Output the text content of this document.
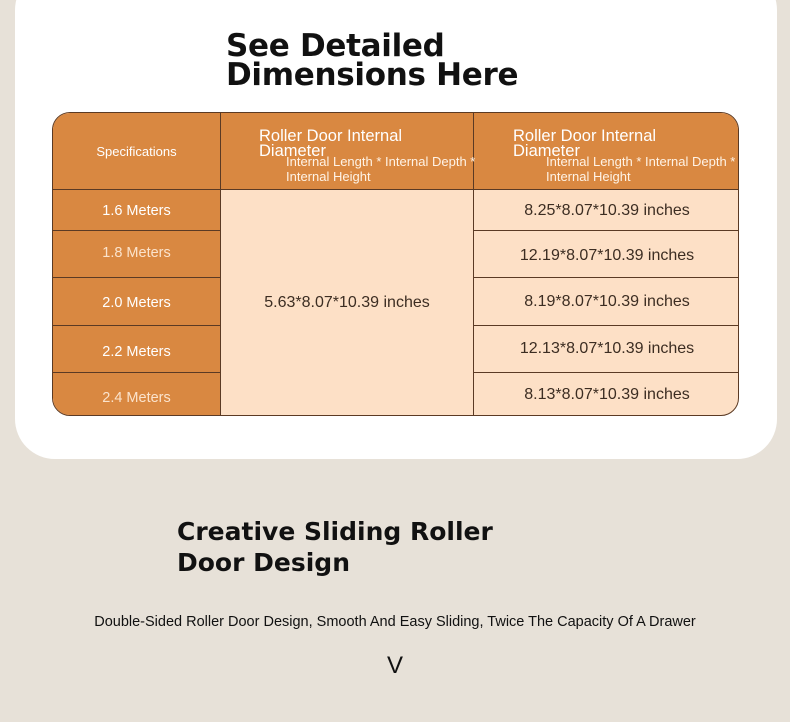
See Detailed Dimensions Here
Specifications
Roller Door Internal Diameter
Internal Length * Internal Depth * Internal Height
Roller Door Internal Diameter
Internal Length * Internal Depth * Internal Height
1.6 Meters
1.8 Meters
2.0 Meters
2.2 Meters
2.4 Meters
5.63*8.07*10.39 inches
8.25*8.07*10.39 inches
12.19*8.07*10.39 inches
8.19*8.07*10.39 inches
12.13*8.07*10.39 inches
8.13*8.07*10.39 inches
Creative Sliding Roller Door Design
Double-Sided Roller Door Design, Smooth And Easy Sliding, Twice The Capacity Of A Drawer
V
